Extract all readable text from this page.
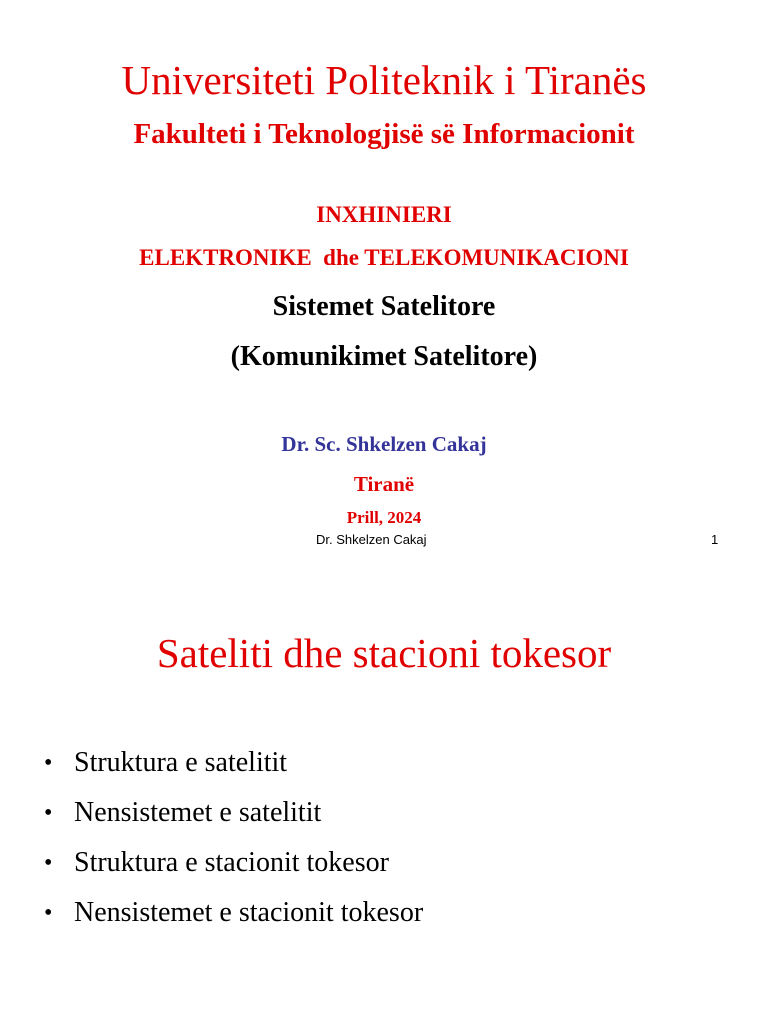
Universiteti Politeknik i Tiranës
Fakulteti i Teknologjisë së Informacionit
INXHINIERI
ELEKTRONIKE  dhe TELEKOMUNIKACIONI
Sistemet Satelitore
(Komunikimet Satelitore)
Dr. Sc. Shkelzen Cakaj
Tiranë
Prill, 2024
Dr. Shkelzen Cakaj	1
Sateliti dhe stacioni tokesor
• Struktura e satelitit
• Nensistemet e satelitit
• Struktura e stacionit tokesor
• Nensistemet e stacionit tokesor
